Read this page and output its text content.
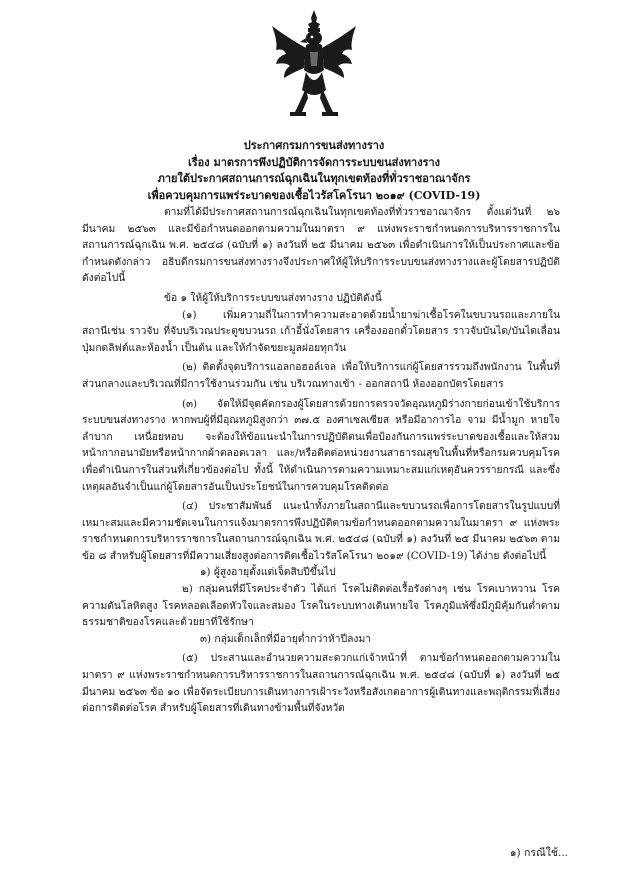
ประกาศกรมการขนส่งทางราง
เรื่อง มาตรการพึงปฏิบัติการจัดการระบบขนส่งทางราง
ภายใต้ประกาศสถานการณ์ฉุกเฉินในทุกเขตท้องที่ทั่วราชอาณาจักร
เพื่อควบคุมการแพร่ระบาดของเชื้อไวรัสโคโรนา ๒๐๑๙ (COVID-19)

ตามที่ได้มีประกาศสถานการณ์ฉุกเฉินในทุกเขตท้องที่ทั่วราชอาณาจักร ตั้งแต่วันที่ ๒๖ มีนาคม ๒๕๖๓ และมีข้อกำหนดออกตามความในมาตรา ๙ แห่งพระราชกำหนดการบริหารราชการในสถานการณ์ฉุกเฉิน พ.ศ. ๒๕๔๘ (ฉบับที่ ๑) ลงวันที่ ๒๕ มีนาคม ๒๕๖๓ เพื่อดำเนินการให้เป็นประกาศและข้อกำหนดดังกล่าว อธิบดีกรมการขนส่งทางรางจึงประกาศให้ผู้ให้บริการระบบขนส่งทางรางและผู้โดยสารปฏิบัติดังต่อไปนี้

ข้อ ๑ ให้ผู้ให้บริการระบบขนส่งทางราง ปฏิบัติดังนี้

(๑) เพิ่มความถี่ในการทำความสะอาดด้วยน้ำยาฆ่าเชื้อโรคในขบวนรถและภายในสถานีเช่น ราวจับ ที่จับบริเวณประตูขบวนรถ เก้าอี้นั่งโดยสาร เครื่องออกตั๋วโดยสาร ราวจับบันได/บันไดเลื่อน ปุ่มกดลิฟต์และห้องน้ำ เป็นต้น และให้กำจัดขยะมูลฝอยทุกวัน

(๒) ติดตั้งจุดบริการแอลกอฮอล์เจล เพื่อให้บริการแก่ผู้โดยสารรวมถึงพนักงาน ในพื้นที่ส่วนกลางและบริเวณที่มีการใช้งานร่วมกัน เช่น บริเวณทางเข้า - ออกสถานี ห้องออกบัตรโดยสาร

(๓) จัดให้มีจุดคัดกรองผู้โดยสารด้วยการตรวจวัดอุณหภูมิร่างกายก่อนเข้าใช้บริการระบบขนส่งทางราง หากพบผู้ที่มีอุณหภูมิสูงกว่า ๓๗.๕ องศาเซลเซียส หรือมีอาการไอ จาม มีน้ำมูก หายใจลำบาก เหนื่อยหอบ จะต้องให้ข้อแนะนำในการปฏิบัติตนเพื่อป้องกันการแพร่ระบาดของเชื้อและให้สวมหน้ากากอนามัยหรือหน้ากากผ้าตลอดเวลา และ/หรือติดต่อหน่วยงานสาธารณสุขในพื้นที่หรือกรมควบคุมโรคเพื่อดำเนินการในส่วนที่เกี่ยวข้องต่อไป ทั้งนี้ ให้ดำเนินการตามความเหมาะสมแก่เหตุอันควรรายกรณี และซึ่งเหตุผลอันจำเป็นแก่ผู้โดยสารอันเป็นประโยชน์ในการควบคุมโรคติดต่อ

(๔) ประชาสัมพันธ์ แนะนำทั้งภายในสถานีและขบวนรถเพื่อการโดยสารในรูปแบบที่เหมาะสมและมีความชัดเจนในการแจ้งมาตรการพึงปฏิบัติตามข้อกำหนดออกตามความในมาตรา ๙ แห่งพระราชกำหนดการบริหารราชการในสถานการณ์ฉุกเฉิน พ.ศ. ๒๕๔๘ (ฉบับที่ ๑) ลงวันที่ ๒๕ มีนาคม ๒๕๖๓ ตามข้อ ๘ สำหรับผู้โดยสารที่มีความเสี่ยงสูงต่อการติดเชื้อไวรัสโคโรนา ๒๐๑๙ (COVID-19) ได้ง่าย ดังต่อไปนี้

๑) ผู้สูงอายุตั้งแต่เจ็ดสิบปีขึ้นไป

๒) กลุ่มคนที่มีโรคประจำตัว ได้แก่ โรคไม่ติดต่อเรื้อรังต่างๆ เช่น โรคเบาหวาน โรคความดันโลหิตสูง โรคหลอดเลือดหัวใจและสมอง โรคในระบบทางเดินหายใจ โรคภูมิแพ้ซึ่งมีภูมิคุ้มกันต่ำตามธรรมชาติของโรคและด้วยยาที่ใช้รักษา

๓) กลุ่มเด็กเล็กที่มีอายุต่ำกว่าห้าปีลงมา

(๕) ประสานและอำนวยความสะดวกแก่เจ้าหน้าที่ ตามข้อกำหนดออกตามความในมาตรา ๙ แห่งพระราชกำหนดการบริหารราชการในสถานการณ์ฉุกเฉิน พ.ศ. ๒๕๔๘ (ฉบับที่ ๑) ลงวันที่ ๒๕ มีนาคม ๒๕๖๓ ข้อ ๑๐ เพื่อจัดระเบียบการเดินทางการเฝ้าระวังหรือสังเกตอาการผู้เดินทางและพฤติกรรมที่เสี่ยงต่อการติดต่อโรค สำหรับผู้โดยสารที่เดินทางข้ามพื้นที่จังหวัด

๑) กรณีใช้...
